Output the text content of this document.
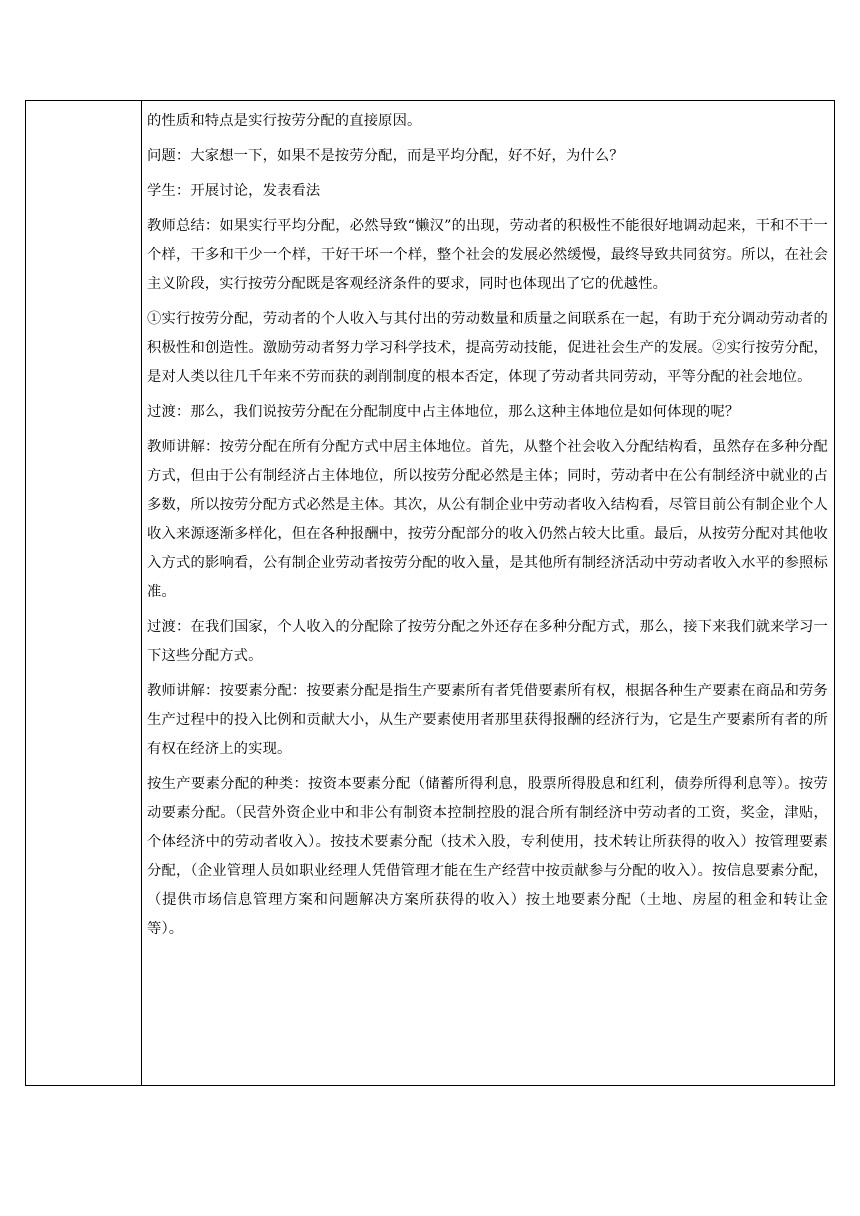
的性质和特点是实行按劳分配的直接原因。

问题：大家想一下，如果不是按劳分配，而是平均分配，好不好，为什么？

学生：开展讨论，发表看法

教师总结：如果实行平均分配，必然导致“懒汉”的出现，劳动者的积极性不能很好地调动起来，干和不干一个样，干多和干少一个样，干好干坏一个样，整个社会的发展必然缓慢，最终导致共同贫穷。所以，在社会主义阶段，实行按劳分配既是客观经济条件的要求，同时也体现出了它的优越性。

①实行按劳分配，劳动者的个人收入与其付出的劳动数量和质量之间联系在一起，有助于充分调动劳动者的积极性和创造性。激励劳动者努力学习科学技术，提高劳动技能，促进社会生产的发展。②实行按劳分配，是对人类以往几千年来不劳而获的剥削制度的根本否定，体现了劳动者共同劳动，平等分配的社会地位。

过渡：那么，我们说按劳分配在分配制度中占主体地位，那么这种主体地位是如何体现的呢？

教师讲解：按劳分配在所有分配方式中居主体地位。首先，从整个社会收入分配结构看，虽然存在多种分配方式，但由于公有制经济占主体地位，所以按劳分配必然是主体；同时，劳动者中在公有制经济中就业的占多数，所以按劳分配方式必然是主体。其次，从公有制企业中劳动者收入结构看，尽管目前公有制企业个人收入来源逐渐多样化，但在各种报酬中，按劳分配部分的收入仍然占较大比重。最后，从按劳分配对其他收入方式的影响看，公有制企业劳动者按劳分配的收入量，是其他所有制经济活动中劳动者收入水平的参照标准。

过渡：在我们国家，个人收入的分配除了按劳分配之外还存在多种分配方式，那么，接下来我们就来学习一下这些分配方式。

教师讲解：按要素分配：按要素分配是指生产要素所有者凭借要素所有权，根据各种生产要素在商品和劳务生产过程中的投入比例和贡献大小，从生产要素使用者那里获得报酬的经济行为，它是生产要素所有者的所有权在经济上的实现。

按生产要素分配的种类：按资本要素分配（储蓄所得利息，股票所得股息和红利，债券所得利息等）。按劳动要素分配。（民营外资企业中和非公有制资本控制控股的混合所有制经济中劳动者的工资，奖金，津贴，个体经济中的劳动者收入）。按技术要素分配（技术入股，专利使用，技术转让所获得的收入）按管理要素分配，（企业管理人员如职业经理人凭借管理才能在生产经营中按贡献参与分配的收入）。按信息要素分配，（提供市场信息管理方案和问题解决方案所获得的收入）按土地要素分配（土地、房屋的租金和转让金等）。
